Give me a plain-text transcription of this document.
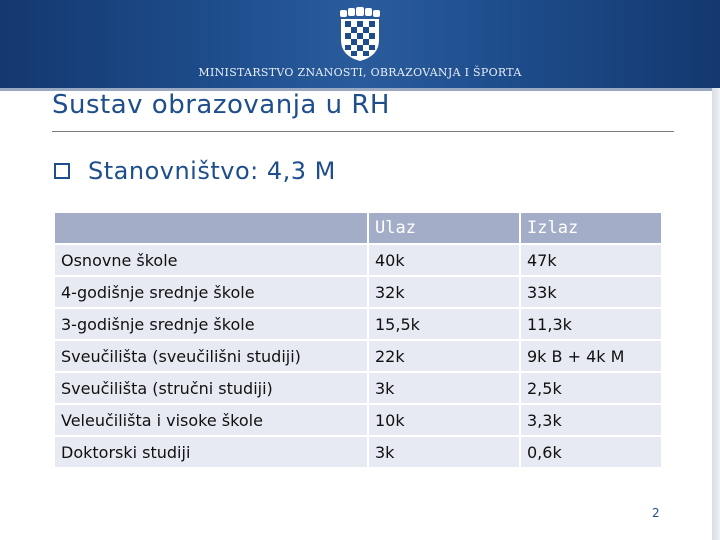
MINISTARSTVO ZNANOSTI, OBRAZOVANJA I ŠPORTA
Sustav obrazovanja u RH
Stanovništvo: 4,3 M
	Ulaz	Izlaz
Osnovne škole	40k	47k
4-godišnje srednje škole	32k	33k
3-godišnje srednje škole	15,5k	11,3k
Sveučilišta (sveučilišni studiji)	22k	9k B + 4k M
Sveučilišta (stručni studiji)	3k	2,5k
Veleučilišta i visoke škole	10k	3,3k
Doktorski studiji	3k	0,6k
2
